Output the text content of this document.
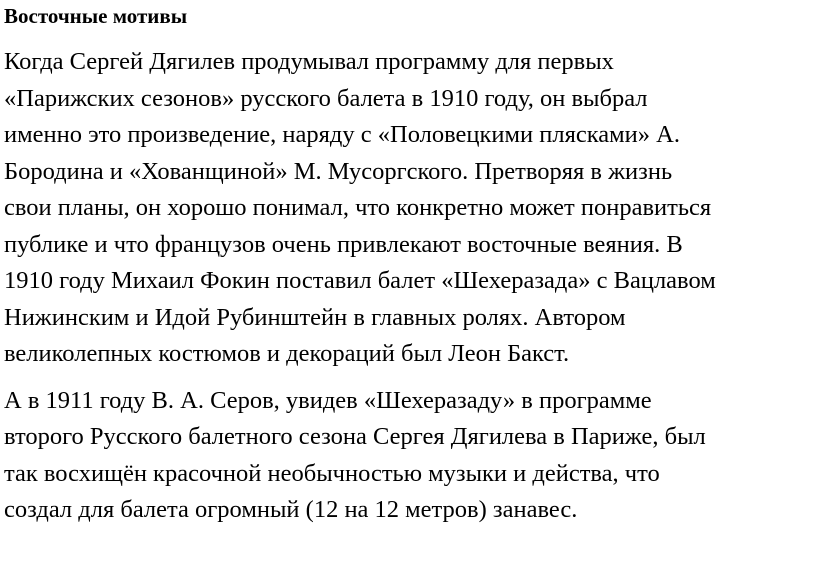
Восточные мотивы
Когда Сергей Дягилев продумывал программу для первых
«Парижских сезонов» русского балета в 1910 году, он выбрал
именно это произведение, наряду с «Половецкими плясками» А.
Бородина и «Хованщиной» М. Мусоргского. Претворяя в жизнь
свои планы, он хорошо понимал, что конкретно может понравиться
публике и что французов очень привлекают восточные веяния. В
1910 году Михаил Фокин поставил балет «Шехеразада» с Вацлавом
Нижинским и Идой Рубинштейн в главных ролях. Автором
великолепных костюмов и декораций был Леон Бакст.
А в 1911 году В. А. Серов, увидев «Шехеразаду» в программе
второго Русского балетного сезона Сергея Дягилева в Париже, был
так восхищён красочной необычностью музыки и действа, что
создал для балета огромный (12 на 12 метров) занавес.
